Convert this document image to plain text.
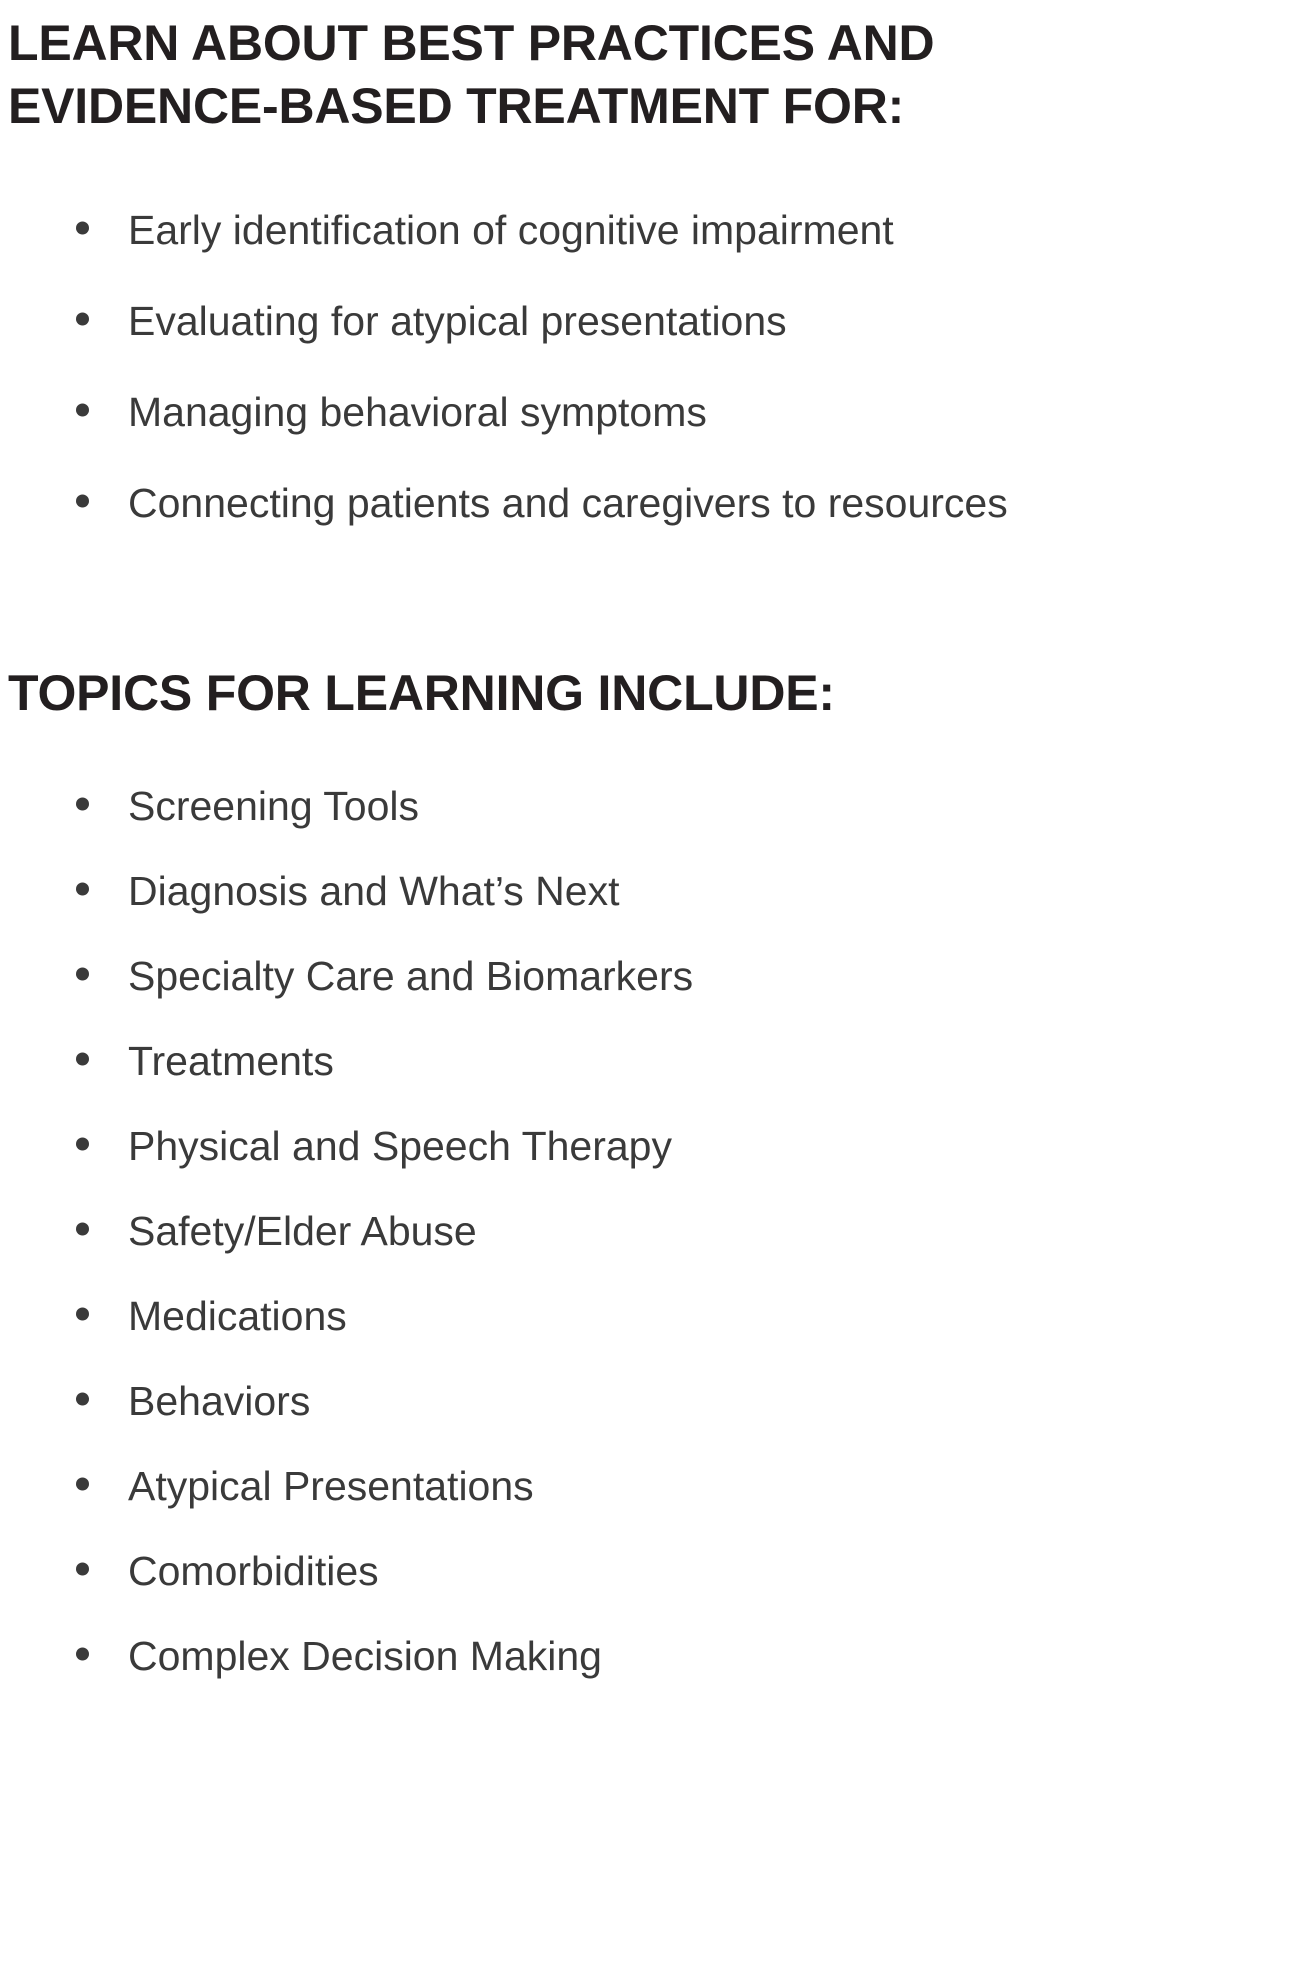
LEARN ABOUT BEST PRACTICES AND
EVIDENCE-BASED TREATMENT FOR:
Early identification of cognitive impairment
Evaluating for atypical presentations
Managing behavioral symptoms
Connecting patients and caregivers to resources
TOPICS FOR LEARNING INCLUDE:
Screening Tools
Diagnosis and What’s Next
Specialty Care and Biomarkers
Treatments
Physical and Speech Therapy
Safety/Elder Abuse
Medications
Behaviors
Atypical Presentations
Comorbidities
Complex Decision Making
